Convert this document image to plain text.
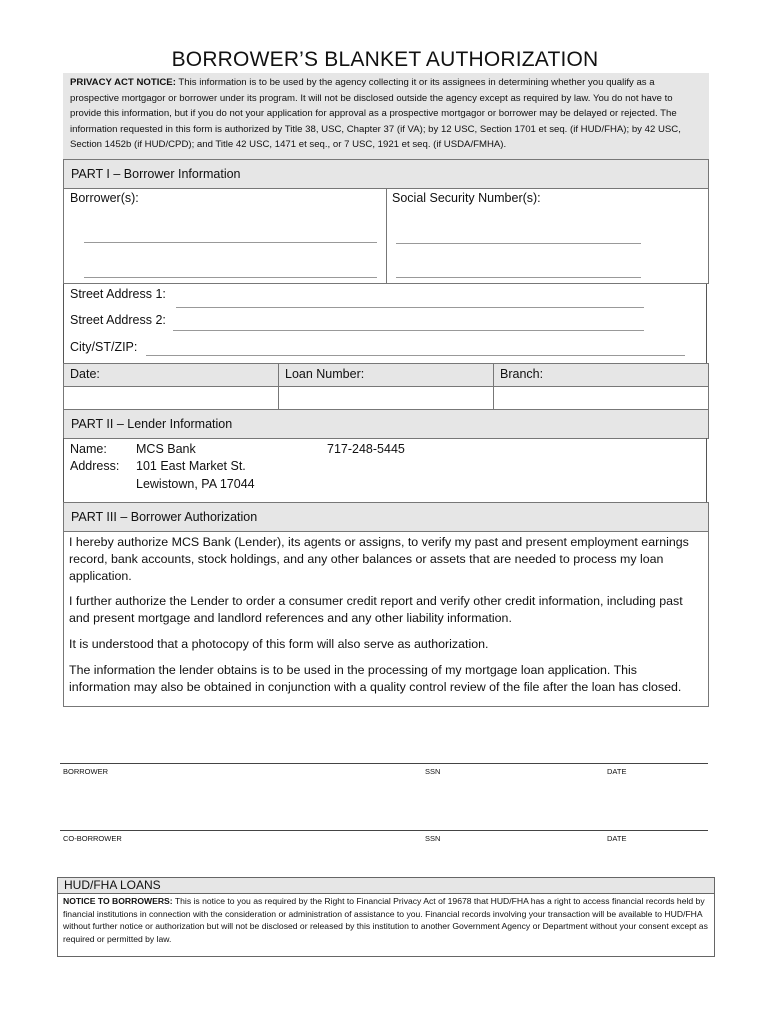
BORROWER’S BLANKET AUTHORIZATION
PRIVACY ACT NOTICE: This information is to be used by the agency collecting it or its assignees in determining whether you qualify as a prospective mortgagor or borrower under its program. It will not be disclosed outside the agency except as required by law. You do not have to provide this information, but if you do not your application for approval as a prospective mortgagor or borrower may be delayed or rejected. The information requested in this form is authorized by Title 38, USC, Chapter 37 (if VA); by 12 USC, Section 1701 et seq. (if HUD/FHA); by 42 USC, Section 1452b (if HUD/CPD); and Title 42 USC, 1471 et seq., or 7 USC, 1921 et seq. (if USDA/FMHA).
PART I – Borrower Information
Borrower(s):	Social Security Number(s):
Street Address 1:
Street Address 2:
City/ST/ZIP:
Date:	Loan Number:	Branch:
PART II – Lender Information
Name: MCS Bank	717-248-5445
Address: 101 East Market St.
Lewistown, PA 17044
PART III – Borrower Authorization
I hereby authorize MCS Bank (Lender), its agents or assigns, to verify my past and present employment earnings record, bank accounts, stock holdings, and any other balances or assets that are needed to process my loan application.
I further authorize the Lender to order a consumer credit report and verify other credit information, including past and present mortgage and landlord references and any other liability information.
It is understood that a photocopy of this form will also serve as authorization.
The information the lender obtains is to be used in the processing of my mortgage loan application. This information may also be obtained in conjunction with a quality control review of the file after the loan has closed.
BORROWER	SSN	DATE
CO-BORROWER	SSN	DATE
HUD/FHA LOANS
NOTICE TO BORROWERS: This is notice to you as required by the Right to Financial Privacy Act of 19678 that HUD/FHA has a right to access financial records held by financial institutions in connection with the consideration or administration of assistance to you. Financial records involving your transaction will be available to HUD/FHA without further notice or authorization but will not be disclosed or released by this institution to another Government Agency or Department without your consent except as required or permitted by law.
